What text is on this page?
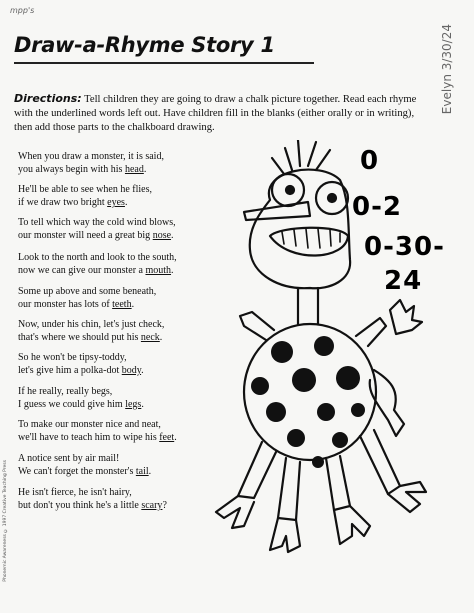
mpp's
Draw-a-Rhyme Story 1	Evelyn 3/30/24
Directions: Tell children they are going to draw a chalk picture together. Read each rhyme with the underlined words left out. Have children fill in the blanks (either orally or in writing), then add those parts to the chalkboard drawing.
When you draw a monster, it is said,
you always begin with his head.
He'll be able to see when he flies,
if we draw two bright eyes.
To tell which way the cold wind blows,
our monster will need a great big nose.
Look to the north and look to the south,
now we can give our monster a mouth.
Some up above and some beneath,
our monster has lots of teeth.
Now, under his chin, let's just check,
that's where we should put his neck.
So he won't be tipsy-toddy,
let's give him a polka-dot body.
If he really, really begs,
I guess we could give him legs.
To make our monster nice and neat,
we'll have to teach him to wipe his feet.
A notice sent by air mail!
We can't forget the monster's tail.
He isn't fierce, he isn't hairy,
but don't you think he's a little scary?
Phonemic Awareness © 1997 Creative Teaching Press
0
0-2
0-30-
24
